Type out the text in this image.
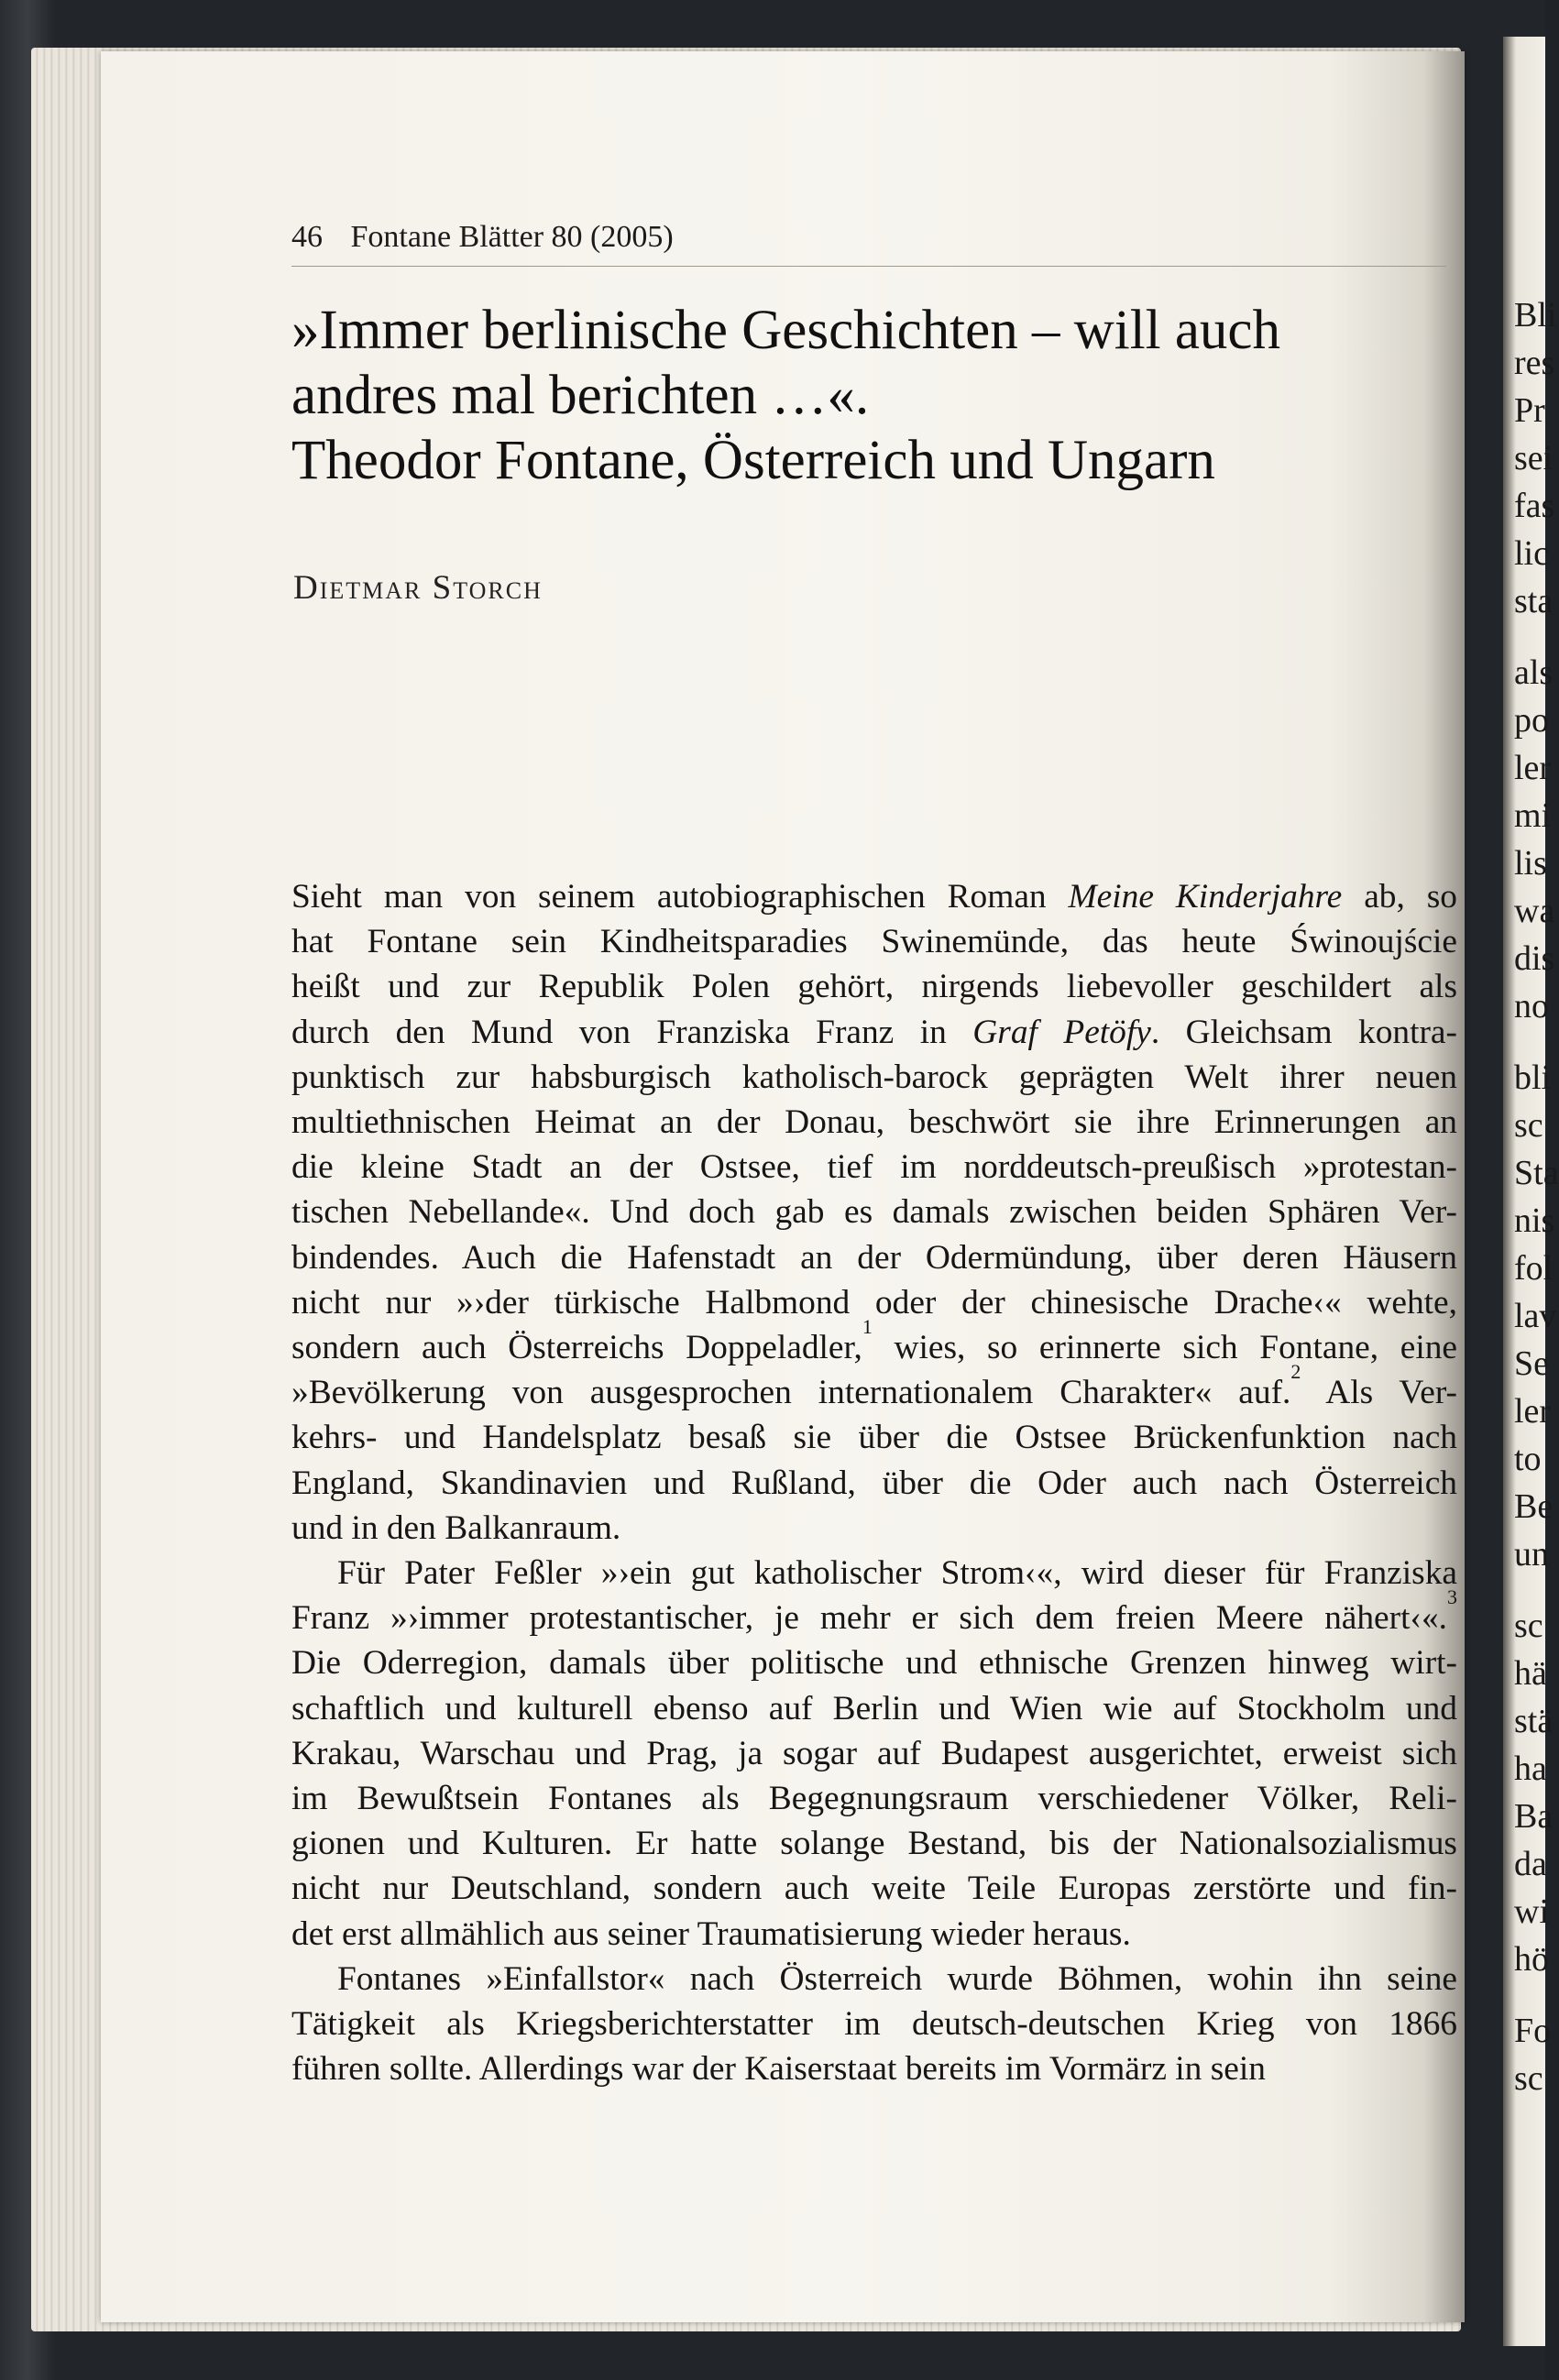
Bli
res
Pr
sei
fas
lic
sta
als
po
ler
mi
lis
wa
dis
no
bli
sc
Sta
nis
fol
lav
Se
ler
to
Be
un
sc
hä
stä
ha
Ba
da
wi
hö
Fo
sc
46 Fontane Blätter 80 (2005)
»Immer berlinische Geschichten – will auch
andres mal berichten …«.
Theodor Fontane, Österreich und Ungarn
Dietmar Storch

Sieht man von seinem autobiographischen Roman Meine Kinderjahre ab, so
hat Fontane sein Kindheitsparadies Swinemünde, das heute Świnoujście
heißt und zur Republik Polen gehört, nirgends liebevoller geschildert als
durch den Mund von Franziska Franz in Graf Petöfy. Gleichsam kontra-
punktisch zur habsburgisch katholisch-barock geprägten Welt ihrer neuen
multiethnischen Heimat an der Donau, beschwört sie ihre Erinnerungen an
die kleine Stadt an der Ostsee, tief im norddeutsch-preußisch »protestan-
tischen Nebellande«. Und doch gab es damals zwischen beiden Sphären Ver-
bindendes. Auch die Hafenstadt an der Odermündung, über deren Häusern
nicht nur »›der türkische Halbmond oder der chinesische Drache‹« wehte,
sondern auch Österreichs Doppeladler,$^1$ wies, so erinnerte sich Fontane, eine
»Bevölkerung von ausgesprochen internationalem Charakter« auf.$^2$ Als Ver-
kehrs- und Handelsplatz besaß sie über die Ostsee Brückenfunktion nach
England, Skandinavien und Rußland, über die Oder auch nach Österreich
und in den Balkanraum.

Für Pater Feßler »›ein gut katholischer Strom‹«, wird dieser für Franziska
Franz »›immer protestantischer, je mehr er sich dem freien Meere nähert‹«.$^3$
Die Oderregion, damals über politische und ethnische Grenzen hinweg wirt-
schaftlich und kulturell ebenso auf Berlin und Wien wie auf Stockholm und
Krakau, Warschau und Prag, ja sogar auf Budapest ausgerichtet, erweist sich
im Bewußtsein Fontanes als Begegnungsraum verschiedener Völker, Reli-
gionen und Kulturen. Er hatte solange Bestand, bis der Nationalsozialismus
nicht nur Deutschland, sondern auch weite Teile Europas zerstörte und fin-
det erst allmählich aus seiner Traumatisierung wieder heraus.

Fontanes »Einfallstor« nach Österreich wurde Böhmen, wohin ihn seine
Tätigkeit als Kriegsberichterstatter im deutsch-deutschen Krieg von 1866
führen sollte. Allerdings war der Kaiserstaat bereits im Vormärz in sein
